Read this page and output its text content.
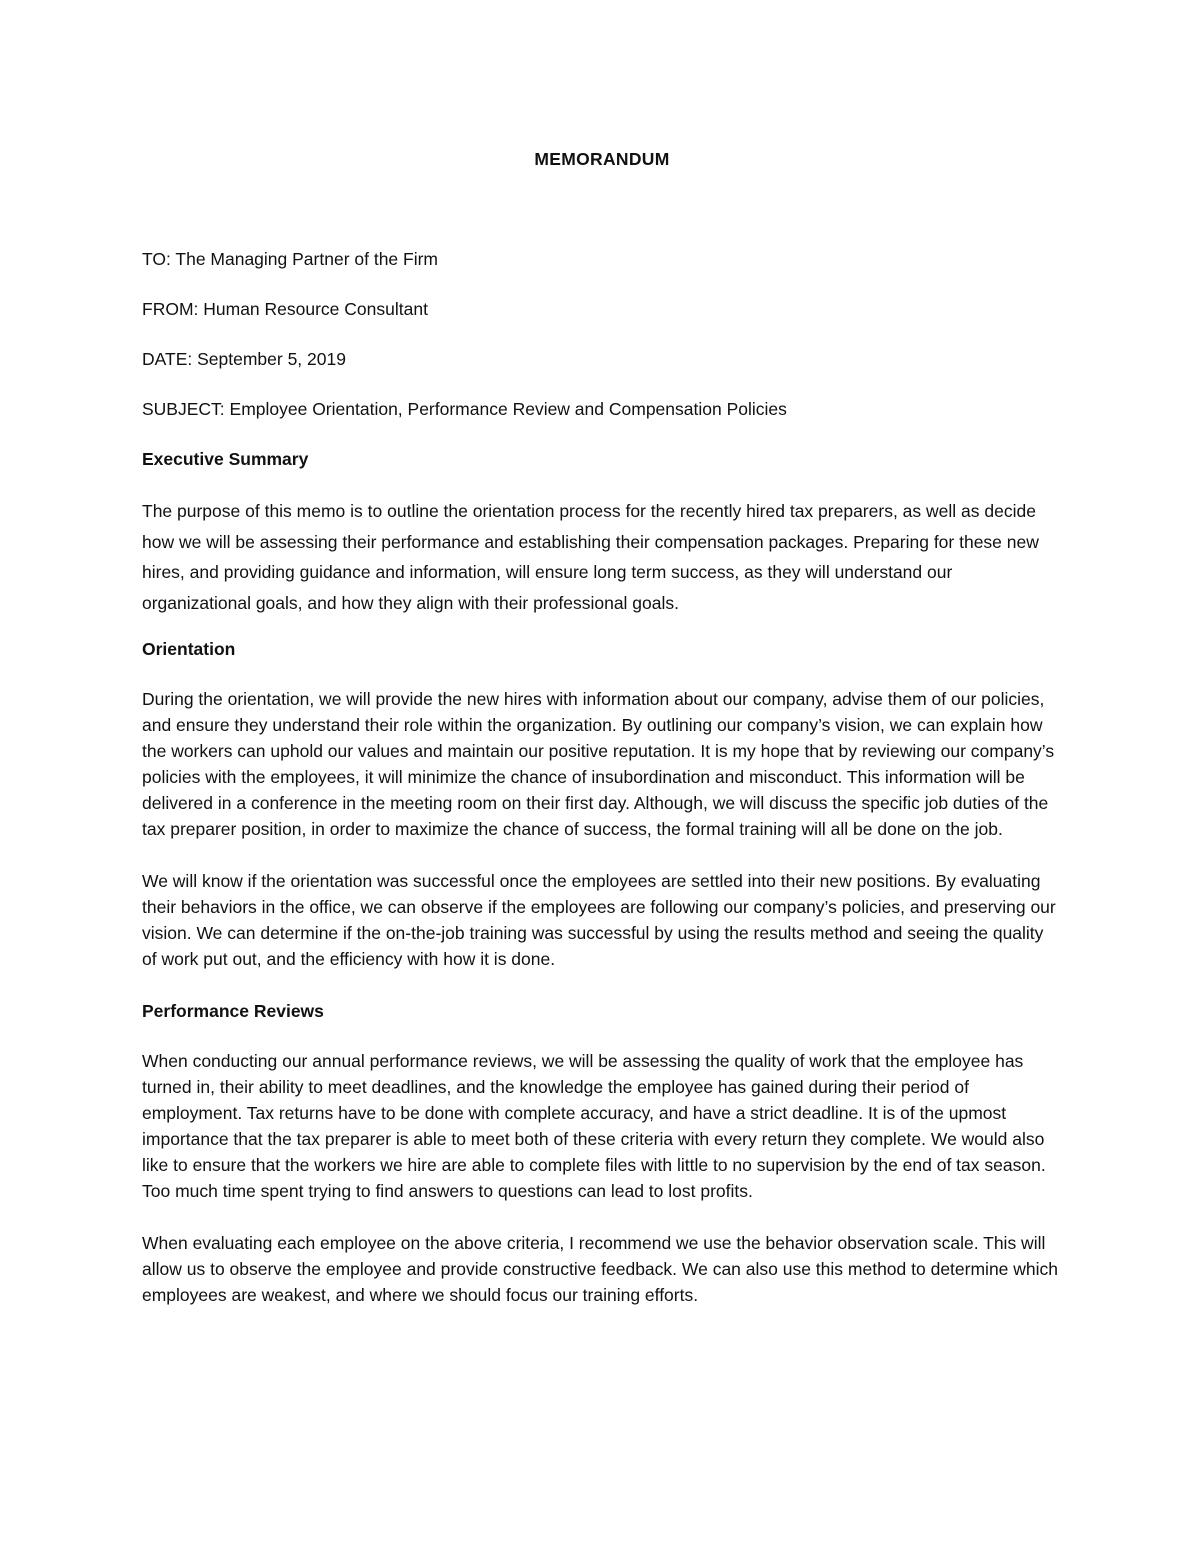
MEMORANDUM
TO: The Managing Partner of the Firm
FROM: Human Resource Consultant
DATE: September 5, 2019
SUBJECT: Employee Orientation, Performance Review and Compensation Policies
Executive Summary

The purpose of this memo is to outline the orientation process for the recently hired tax preparers, as well as decide how we will be assessing their performance and establishing their compensation packages. Preparing for these new hires, and providing guidance and information, will ensure long term success, as they will understand our organizational goals, and how they align with their professional goals.

Orientation

During the orientation, we will provide the new hires with information about our company, advise them of our policies, and ensure they understand their role within the organization. By outlining our company’s vision, we can explain how the workers can uphold our values and maintain our positive reputation. It is my hope that by reviewing our company’s policies with the employees, it will minimize the chance of insubordination and misconduct. This information will be delivered in a conference in the meeting room on their first day. Although, we will discuss the specific job duties of the tax preparer position, in order to maximize the chance of success, the formal training will all be done on the job.

We will know if the orientation was successful once the employees are settled into their new positions. By evaluating their behaviors in the office, we can observe if the employees are following our company’s policies, and preserving our vision. We can determine if the on-the-job training was successful by using the results method and seeing the quality of work put out, and the efficiency with how it is done.

Performance Reviews

When conducting our annual performance reviews, we will be assessing the quality of work that the employee has turned in, their ability to meet deadlines, and the knowledge the employee has gained during their period of employment. Tax returns have to be done with complete accuracy, and have a strict deadline. It is of the upmost importance that the tax preparer is able to meet both of these criteria with every return they complete. We would also like to ensure that the workers we hire are able to complete files with little to no supervision by the end of tax season. Too much time spent trying to find answers to questions can lead to lost profits.

When evaluating each employee on the above criteria, I recommend we use the behavior observation scale. This will allow us to observe the employee and provide constructive feedback. We can also use this method to determine which employees are weakest, and where we should focus our training efforts.
